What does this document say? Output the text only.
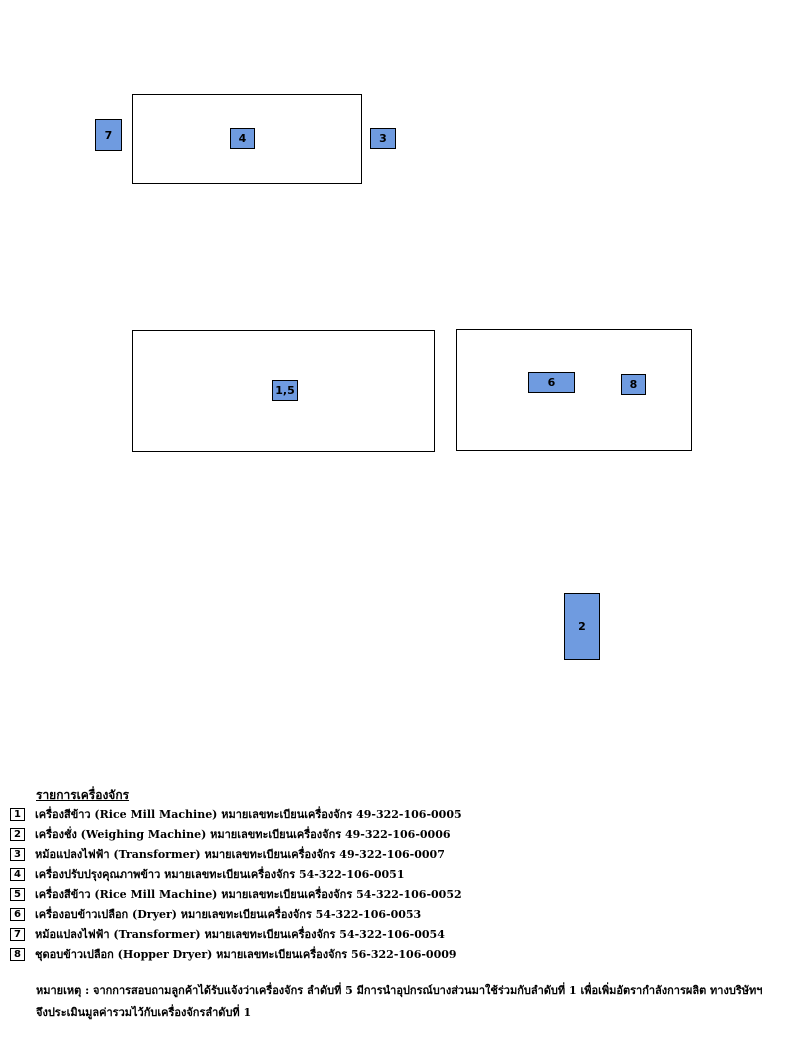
7	4	3
1,5
6	8
2
รายการเครื่องจักร
1	เครื่องสีข้าว (Rice Mill Machine) หมายเลขทะเบียนเครื่องจักร 49-322-106-0005
2	เครื่องชั่ง (Weighing Machine) หมายเลขทะเบียนเครื่องจักร 49-322-106-0006
3	หม้อแปลงไฟฟ้า (Transformer) หมายเลขทะเบียนเครื่องจักร 49-322-106-0007
4	เครื่องปรับปรุงคุณภาพข้าว หมายเลขทะเบียนเครื่องจักร 54-322-106-0051
5	เครื่องสีข้าว (Rice Mill Machine) หมายเลขทะเบียนเครื่องจักร 54-322-106-0052
6	เครื่องอบข้าวเปลือก (Dryer) หมายเลขทะเบียนเครื่องจักร 54-322-106-0053
7	หม้อแปลงไฟฟ้า (Transformer) หมายเลขทะเบียนเครื่องจักร 54-322-106-0054
8	ชุดอบข้าวเปลือก (Hopper Dryer) หมายเลขทะเบียนเครื่องจักร 56-322-106-0009
หมายเหตุ : จากการสอบถามลูกค้าได้รับแจ้งว่าเครื่องจักร ลำดับที่ 5 มีการนำอุปกรณ์บางส่วนมาใช้ร่วมกับลำดับที่ 1 เพื่อเพิ่มอัตรากำลังการผลิต ทางบริษัทฯ
จึงประเมินมูลค่ารวมไว้กับเครื่องจักรลำดับที่ 1
